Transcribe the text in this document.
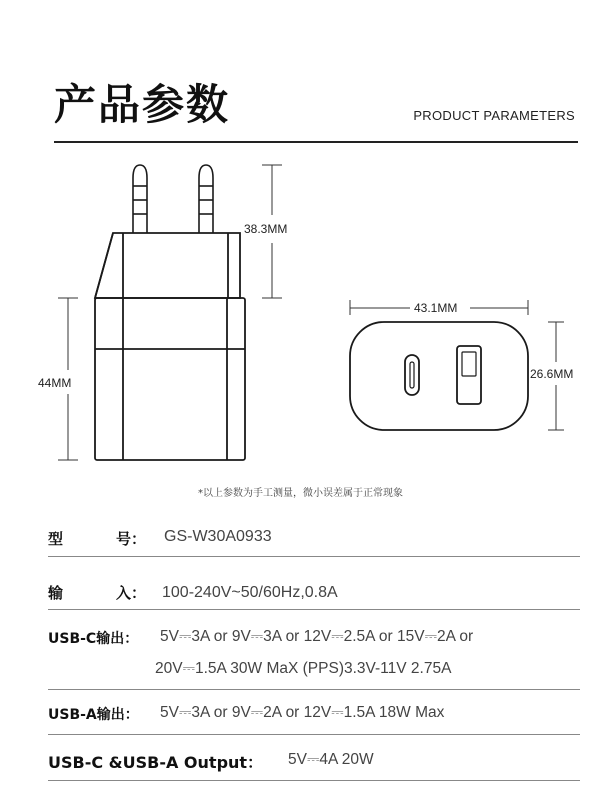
产品参数	PRODUCT PARAMETERS
38.3MM
44MM
43.1MM
26.6MM
*以上参数为手工测量，微小误差属于正常现象
型	号： GS-W30A0933
输	入： 100-240V~50/60Hz,0.8A
USB-C输出： 5V⎓3A or 9V⎓3A or 12V⎓2.5A or 15V⎓2A or
20V⎓1.5A 30W MaX (PPS)3.3V-11V 2.75A
USB-A输出： 5V⎓3A or 9V⎓2A or 12V⎓1.5A 18W Max
USB-C &USB-A Output： 5V⎓4A 20W
